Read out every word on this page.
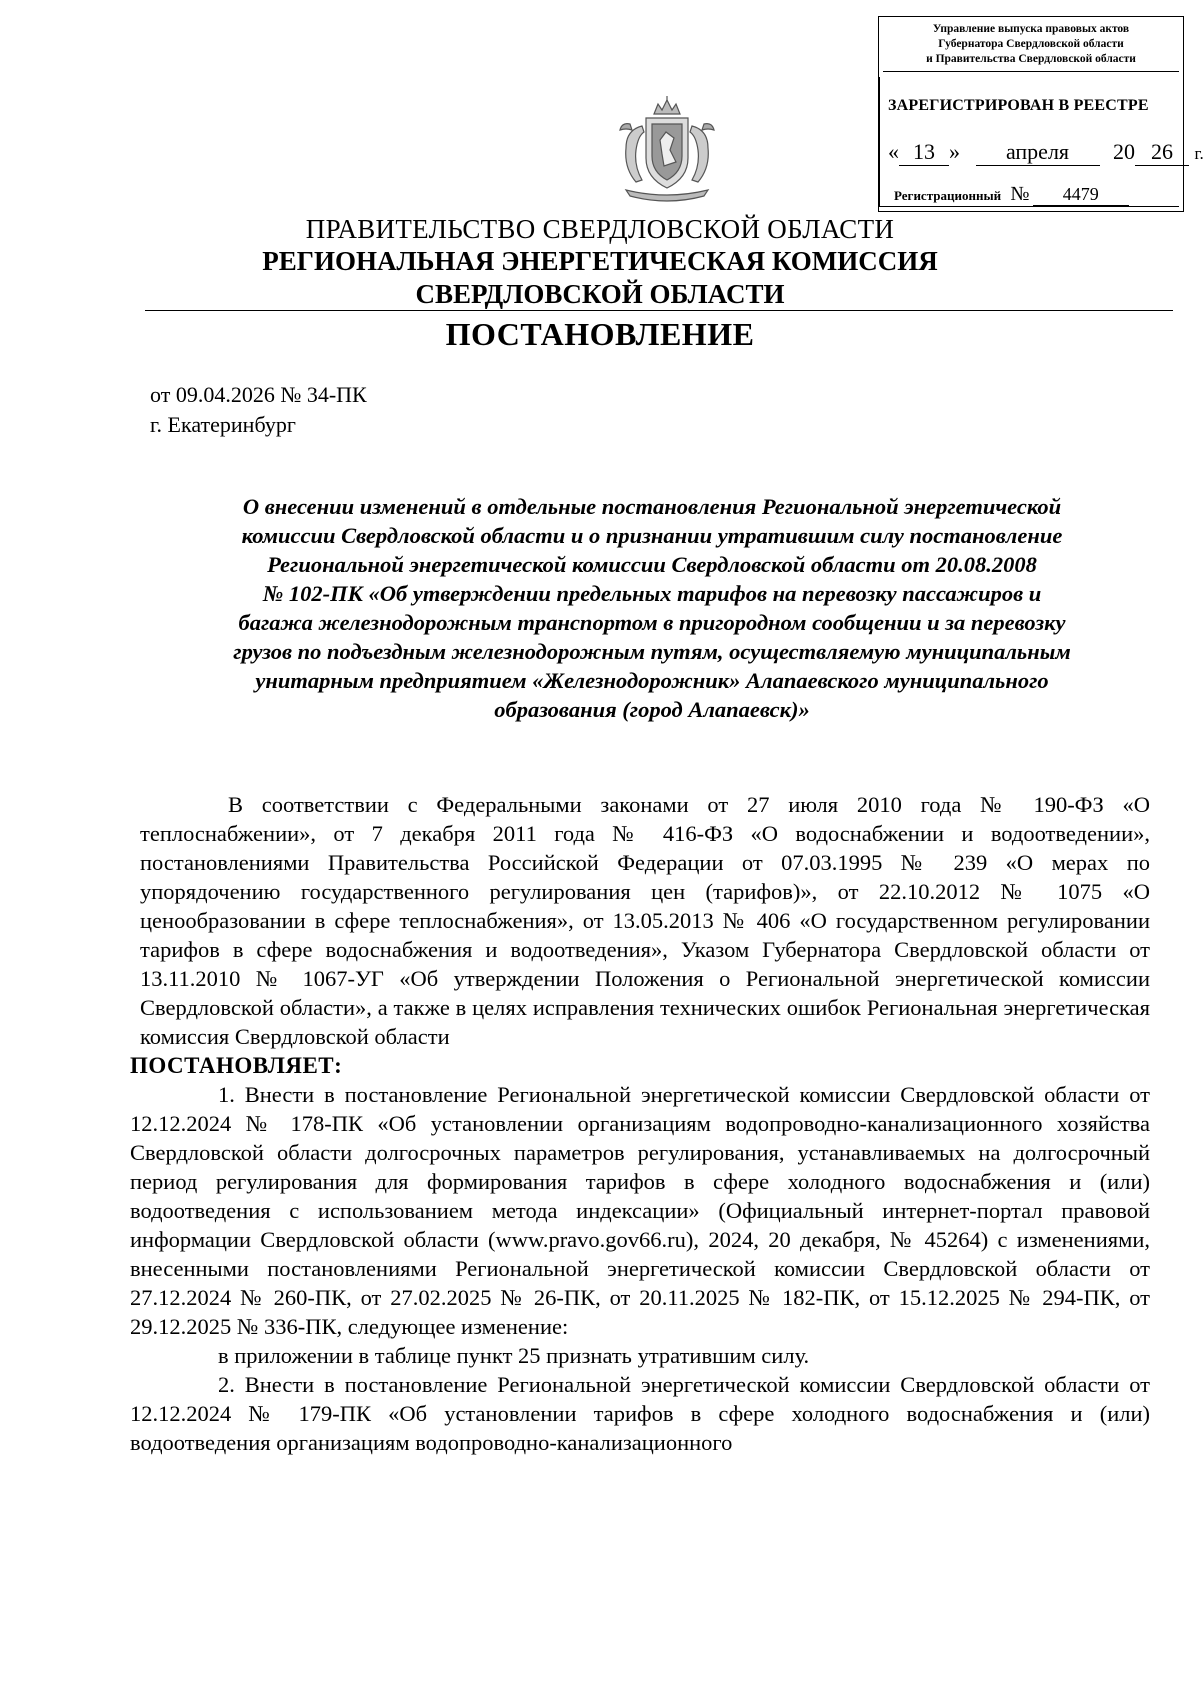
Управление выпуска правовых актов
Губернатора Свердловской области
и Правительства Свердловской области
ЗАРЕГИСТРИРОВАН В РЕЕСТРЕ
« 13 » апреля 20 26 г.
Регистрационный № 4479
ПРАВИТЕЛЬСТВО СВЕРДЛОВСКОЙ ОБЛАСТИ
РЕГИОНАЛЬНАЯ ЭНЕРГЕТИЧЕСКАЯ КОМИССИЯ
СВЕРДЛОВСКОЙ ОБЛАСТИ
ПОСТАНОВЛЕНИЕ
от 09.04.2026 № 34-ПК
г. Екатеринбург
О внесении изменений в отдельные постановления Региональной энергетической
комиссии Свердловской области и о признании утратившим силу постановление
Региональной энергетической комиссии Свердловской области от 20.08.2008
№ 102-ПК «Об утверждении предельных тарифов на перевозку пассажиров и
багажа железнодорожным транспортом в пригородном сообщении и за перевозку
грузов по подъездным железнодорожным путям, осуществляемую муниципальным
унитарным предприятием «Железнодорожник» Алапаевского муниципального
образования (город Алапаевск)»

В соответствии с Федеральными законами от 27 июля 2010 года № 190-ФЗ «О теплоснабжении», от 7 декабря 2011 года № 416-ФЗ «О водоснабжении и водоотведении», постановлениями Правительства Российской Федерации от 07.03.1995 № 239 «О мерах по упорядочению государственного регулирования цен (тарифов)», от 22.10.2012 № 1075 «О ценообразовании в сфере теплоснабжения», от 13.05.2013 № 406 «О государственном регулировании тарифов в сфере водоснабжения и водоотведения», Указом Губернатора Свердловской области от 13.11.2010 № 1067-УГ «Об утверждении Положения о Региональной энергетической комиссии Свердловской области», а также в целях исправления технических ошибок Региональная энергетическая комиссия Свердловской области

ПОСТАНОВЛЯЕТ:

1. Внести в постановление Региональной энергетической комиссии Свердловской области от 12.12.2024 № 178-ПК «Об установлении организациям водопроводно-канализационного хозяйства Свердловской области долгосрочных параметров регулирования, устанавливаемых на долгосрочный период регулирования для формирования тарифов в сфере холодного водоснабжения и (или) водоотведения с использованием метода индексации» (Официальный интернет-портал правовой информации Свердловской области (www.pravo.gov66.ru), 2024, 20 декабря, № 45264) с изменениями, внесенными постановлениями Региональной энергетической комиссии Свердловской области от 27.12.2024 № 260-ПК, от 27.02.2025 № 26-ПК, от 20.11.2025 № 182-ПК, от 15.12.2025 № 294-ПК, от 29.12.2025 № 336-ПК, следующее изменение:

в приложении в таблице пункт 25 признать утратившим силу.

2. Внести в постановление Региональной энергетической комиссии Свердловской области от 12.12.2024 № 179-ПК «Об установлении тарифов в сфере холодного водоснабжения и (или) водоотведения организациям водопроводно-канализационного
